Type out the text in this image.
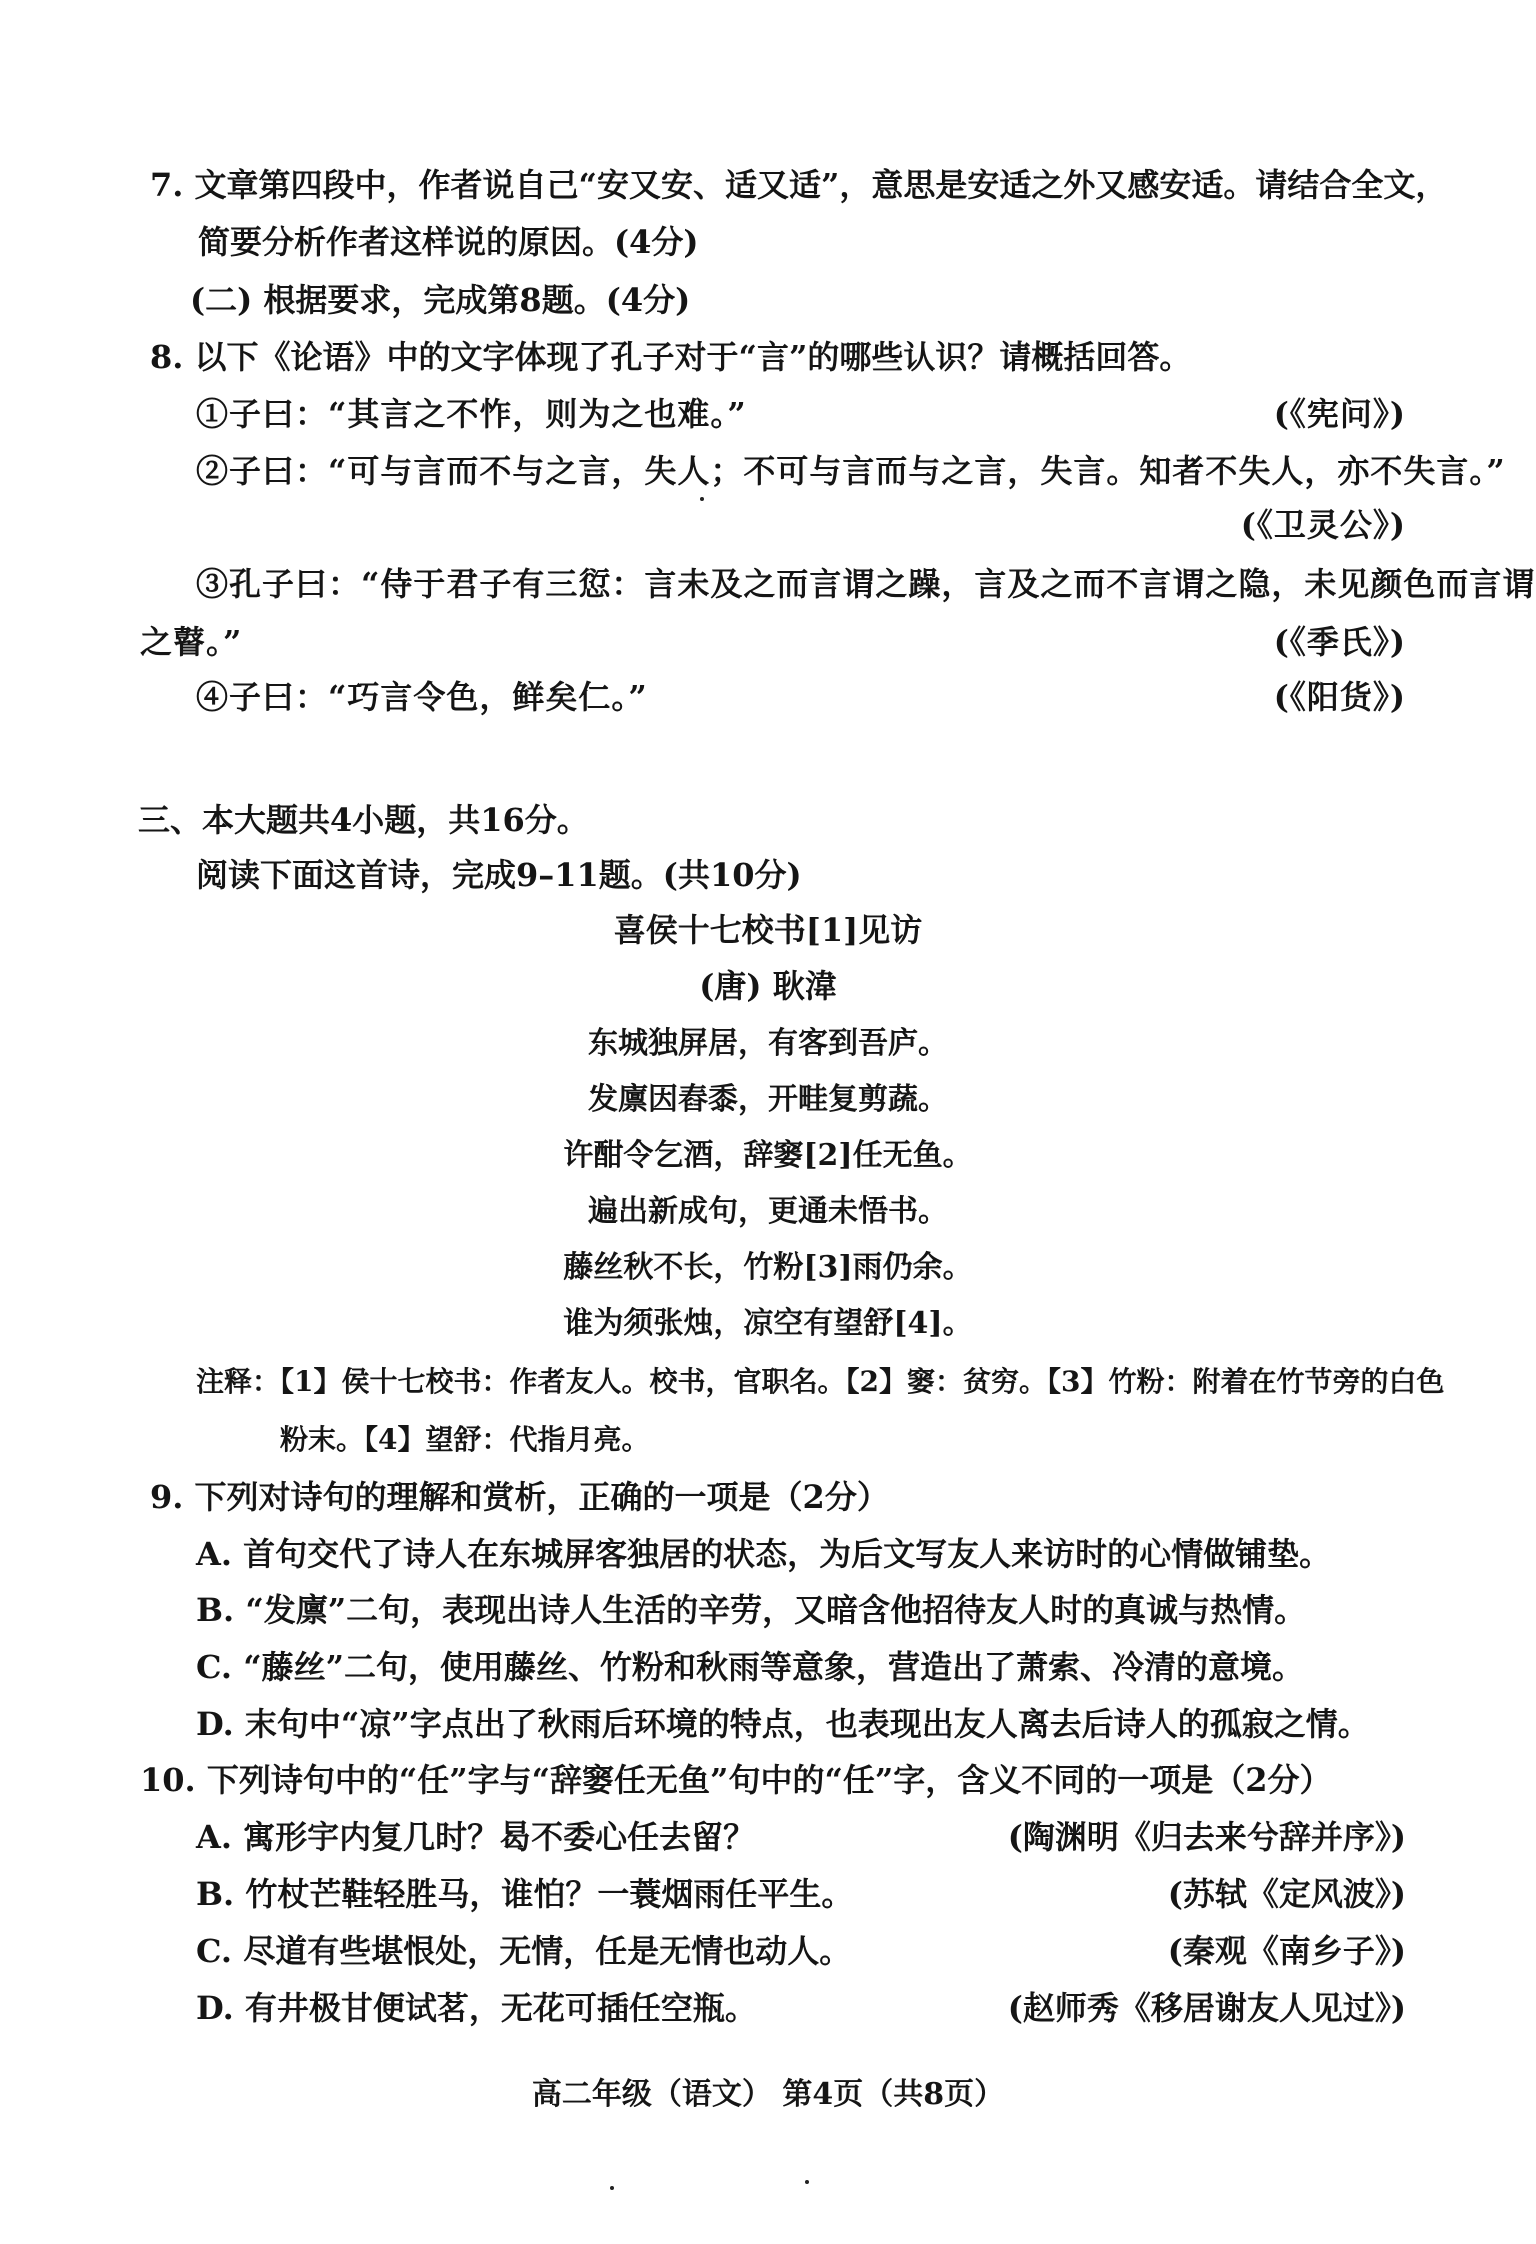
7. 文章第四段中，作者说自己“安又安、适又适”，意思是安适之外又感安适。请结合全文，
简要分析作者这样说的原因。(4分)
(二) 根据要求，完成第8题。(4分)
8. 以下《论语》中的文字体现了孔子对于“言”的哪些认识？请概括回答。
①子曰：“其言之不怍，则为之也难。”	(《宪问》)
②子曰：“可与言而不与之言，失人；不可与言而与之言，失言。知者不失人，亦不失言。”
(《卫灵公》)
③孔子曰：“侍于君子有三愆：言未及之而言谓之躁，言及之而不言谓之隐，未见颜色而言谓
之瞽。”	(《季氏》)
④子曰：“巧言令色，鲜矣仁。”	(《阳货》)
三、本大题共4小题，共16分。
阅读下面这首诗，完成9–11题。(共10分)
喜侯十七校书[1]见访
(唐) 耿湋
东城独屏居，有客到吾庐。
发廪因舂黍，开畦复剪蔬。
许酣令乞酒，辞窭[2]任无鱼。
遍出新成句，更通未悟书。
藤丝秋不长，竹粉[3]雨仍余。
谁为须张烛，凉空有望舒[4]。
注释：【1】侯十七校书：作者友人。校书，官职名。【2】窭：贫穷。【3】竹粉：附着在竹节旁的白色
粉末。【4】望舒：代指月亮。
9. 下列对诗句的理解和赏析，正确的一项是（2分）
A. 首句交代了诗人在东城屏客独居的状态，为后文写友人来访时的心情做铺垫。
B. “发廪”二句，表现出诗人生活的辛劳，又暗含他招待友人时的真诚与热情。
C. “藤丝”二句，使用藤丝、竹粉和秋雨等意象，营造出了萧索、冷清的意境。
D. 末句中“凉”字点出了秋雨后环境的特点，也表现出友人离去后诗人的孤寂之情。
10. 下列诗句中的“任”字与“辞窭任无鱼”句中的“任”字，含义不同的一项是（2分）
A. 寓形宇内复几时？曷不委心任去留？	(陶渊明《归去来兮辞并序》)
B. 竹杖芒鞋轻胜马，谁怕？一蓑烟雨任平生。	(苏轼《定风波》)
C. 尽道有些堪恨处，无情，任是无情也动人。	(秦观《南乡子》)
D. 有井极甘便试茗，无花可插任空瓶。	(赵师秀《移居谢友人见过》)
高二年级（语文） 第4页（共8页）
